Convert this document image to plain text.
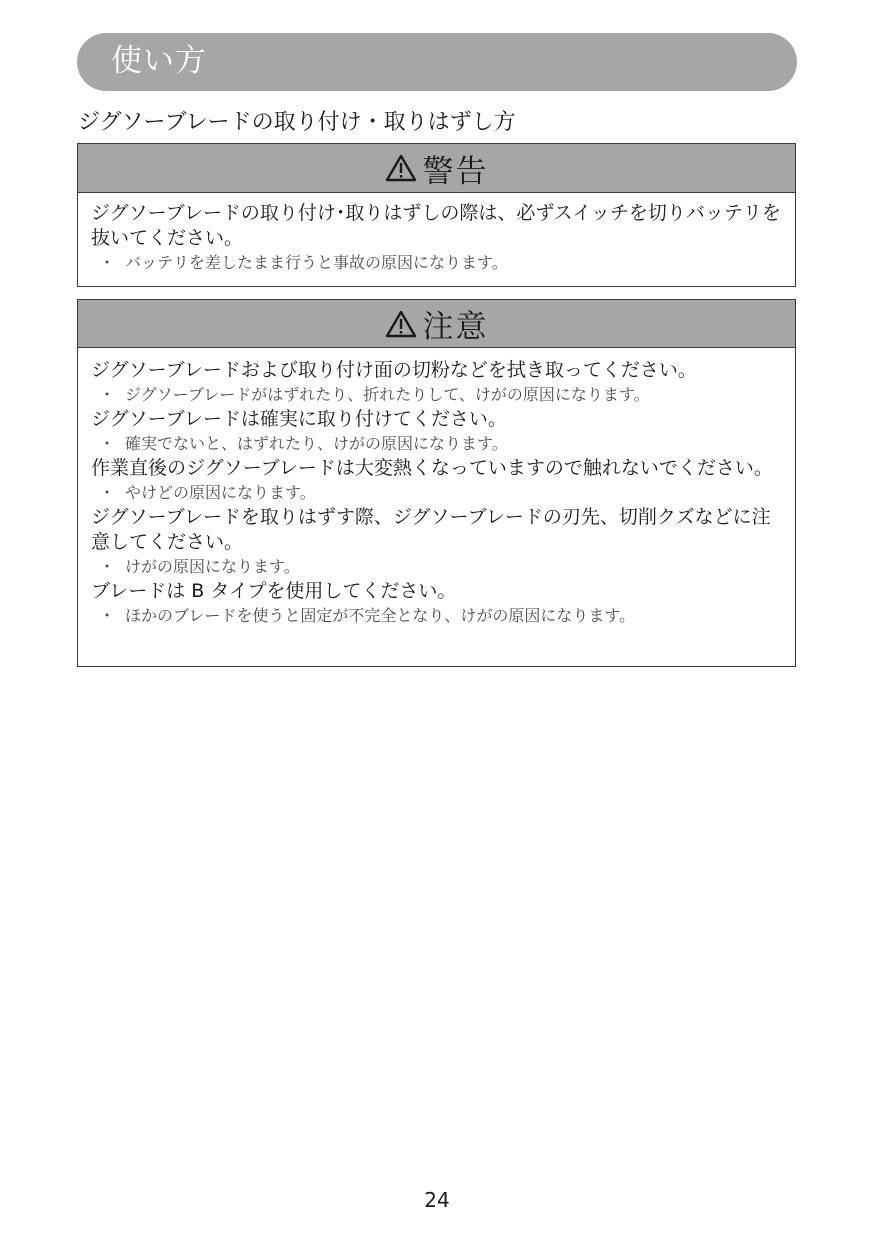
使い方
ジグソーブレードの取り付け・取りはずし方
警告
ジグソーブレードの取り付け･取りはずしの際は、必ずスイッチを切りバッテリを抜いてください。
・ バッテリを差したまま行うと事故の原因になります。
注意
ジグソーブレードおよび取り付け面の切粉などを拭き取ってください。
・ ジグソーブレードがはずれたり、折れたりして、けがの原因になります。
ジグソーブレードは確実に取り付けてください。
・ 確実でないと、はずれたり、けがの原因になります。
作業直後のジグソーブレードは大変熱くなっていますので触れないでください。
・ やけどの原因になります。
ジグソーブレードを取りはずす際、ジグソーブレードの刃先、切削クズなどに注意してください。
・ けがの原因になります。
ブレードは B タイプを使用してください。
・ ほかのブレードを使うと固定が不完全となり、けがの原因になります。
24
